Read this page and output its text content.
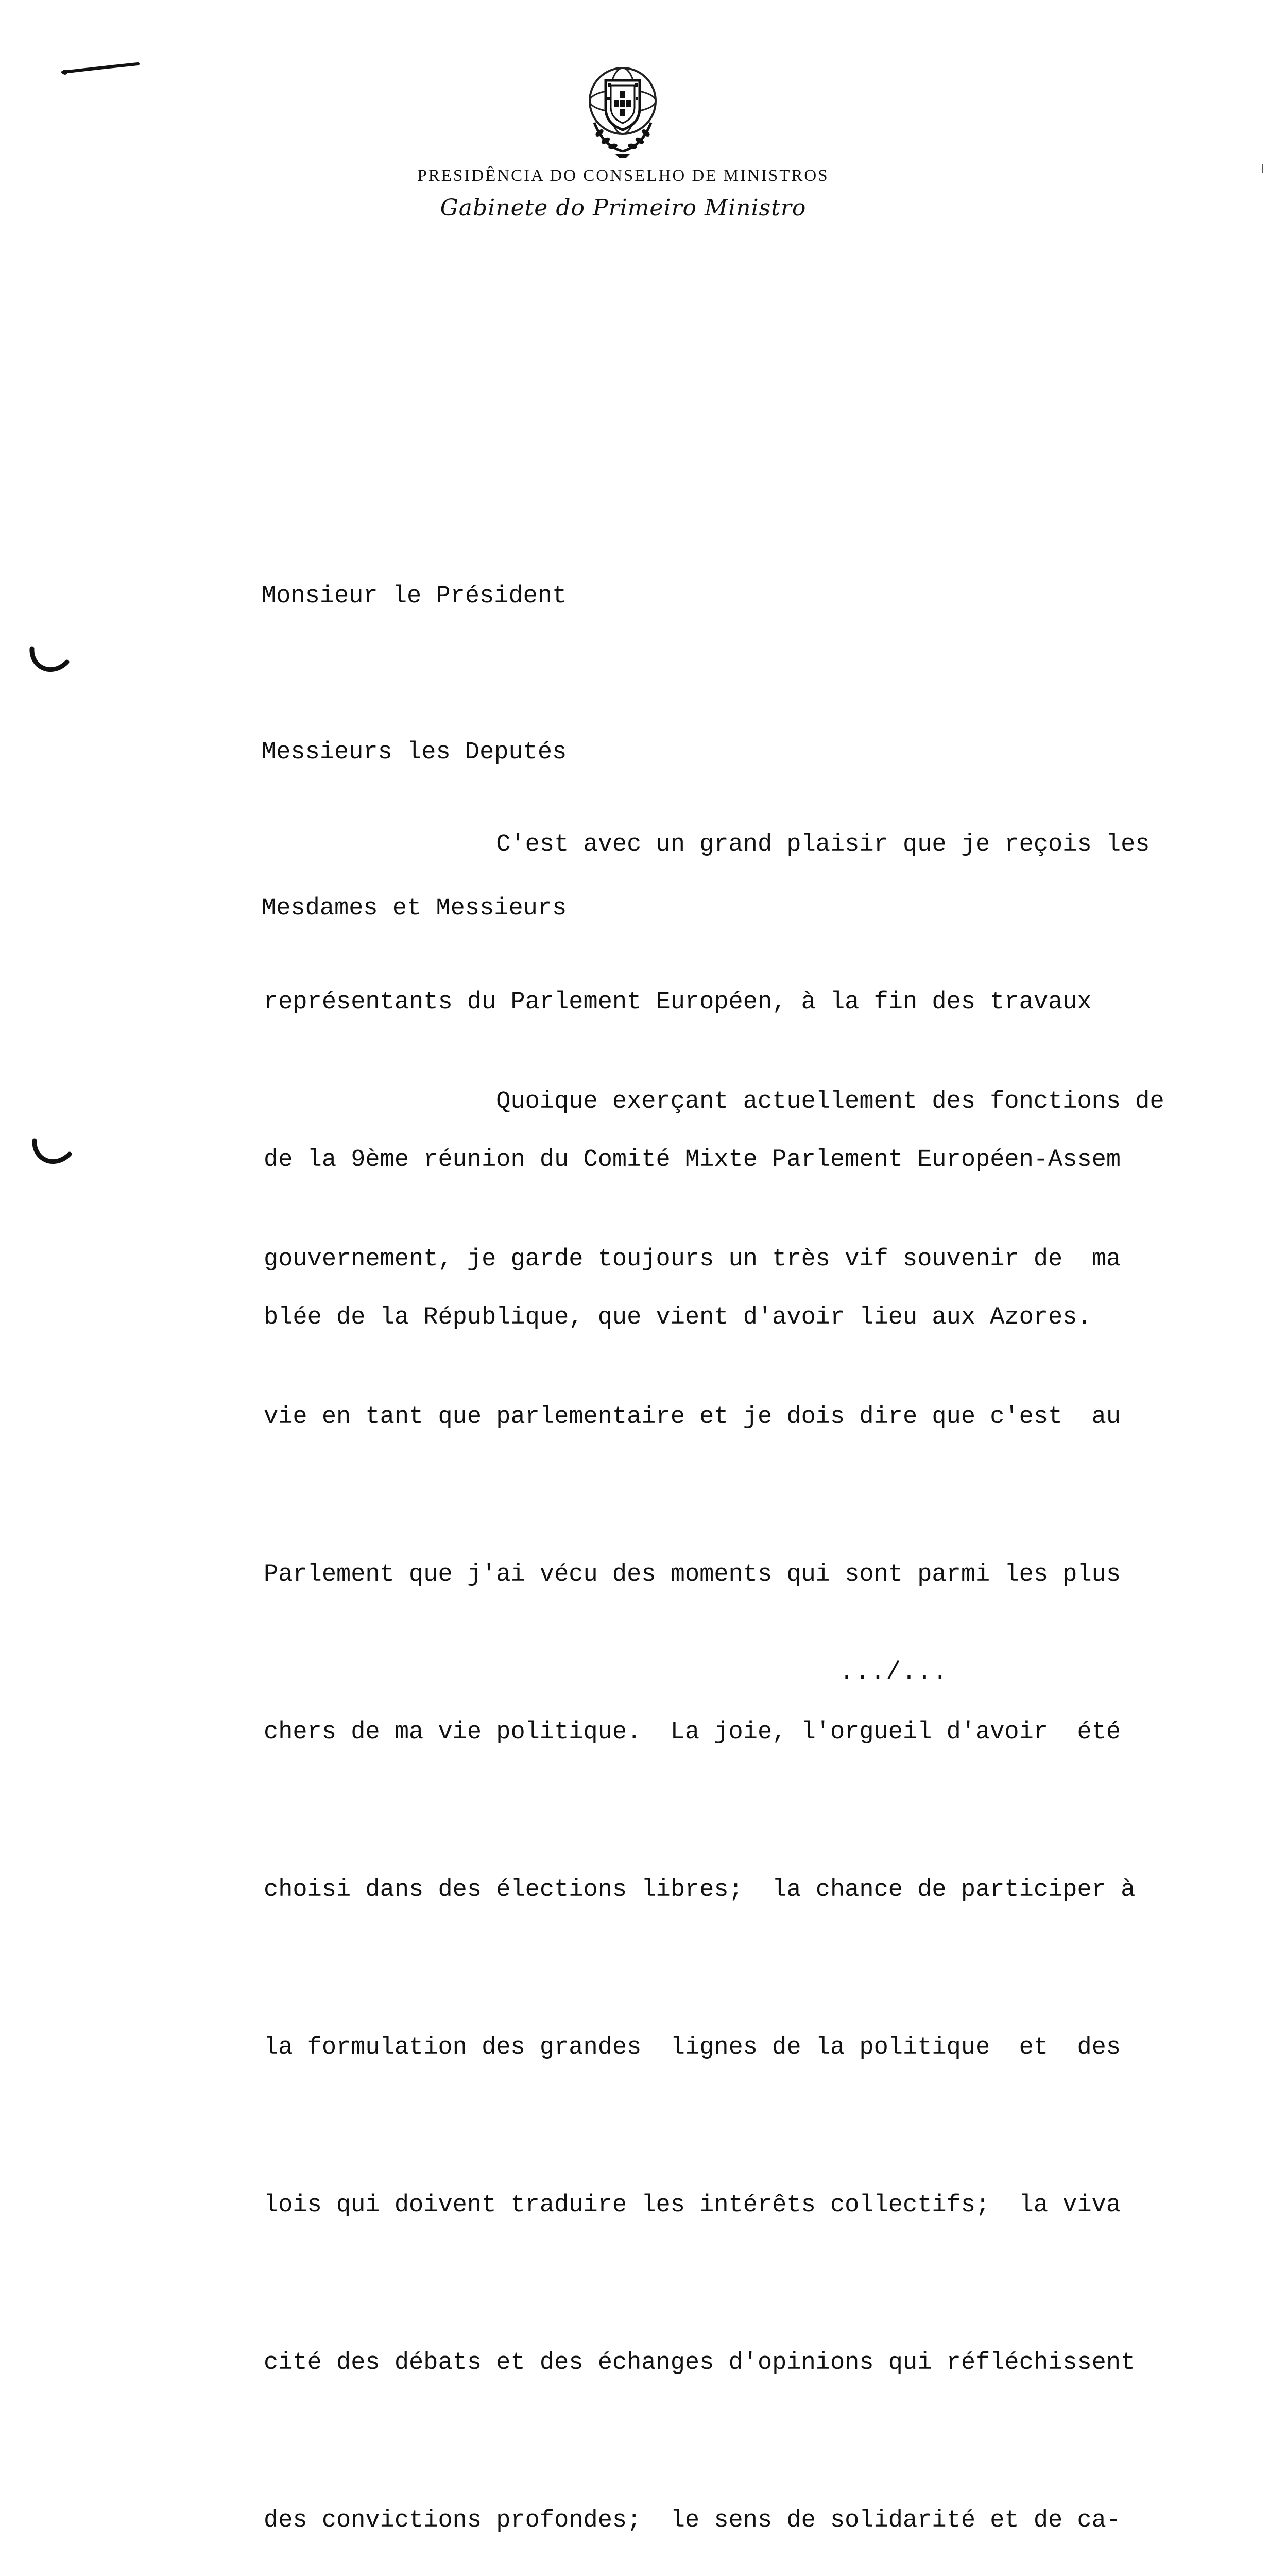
PRESIDÊNCIA DO CONSELHO DE MINISTROS
Gabinete do Primeiro Ministro

Monsieur le Président

Messieurs les Deputés

Mesdames et Messieurs

C'est avec un grand plaisir que je reçois les

représentants du Parlement Européen, à la fin des travaux

de la 9ème réunion du Comité Mixte Parlement Européen-Assem

blée de la République, que vient d'avoir lieu aux Azores.

Quoique exerçant actuellement des fonctions de

gouvernement, je garde toujours un très vif souvenir de  ma

vie en tant que parlementaire et je dois dire que c'est  au

Parlement que j'ai vécu des moments qui sont parmi les plus

chers de ma vie politique.  La joie, l'orgueil d'avoir  été

choisi dans des élections libres;  la chance de participer à

la formulation des grandes  lignes de la politique  et  des

lois qui doivent traduire les intérêts collectifs;  la viva

cité des débats et des échanges d'opinions qui réfléchissent

des convictions profondes;  le sens de solidarité et de ca-

.../...
